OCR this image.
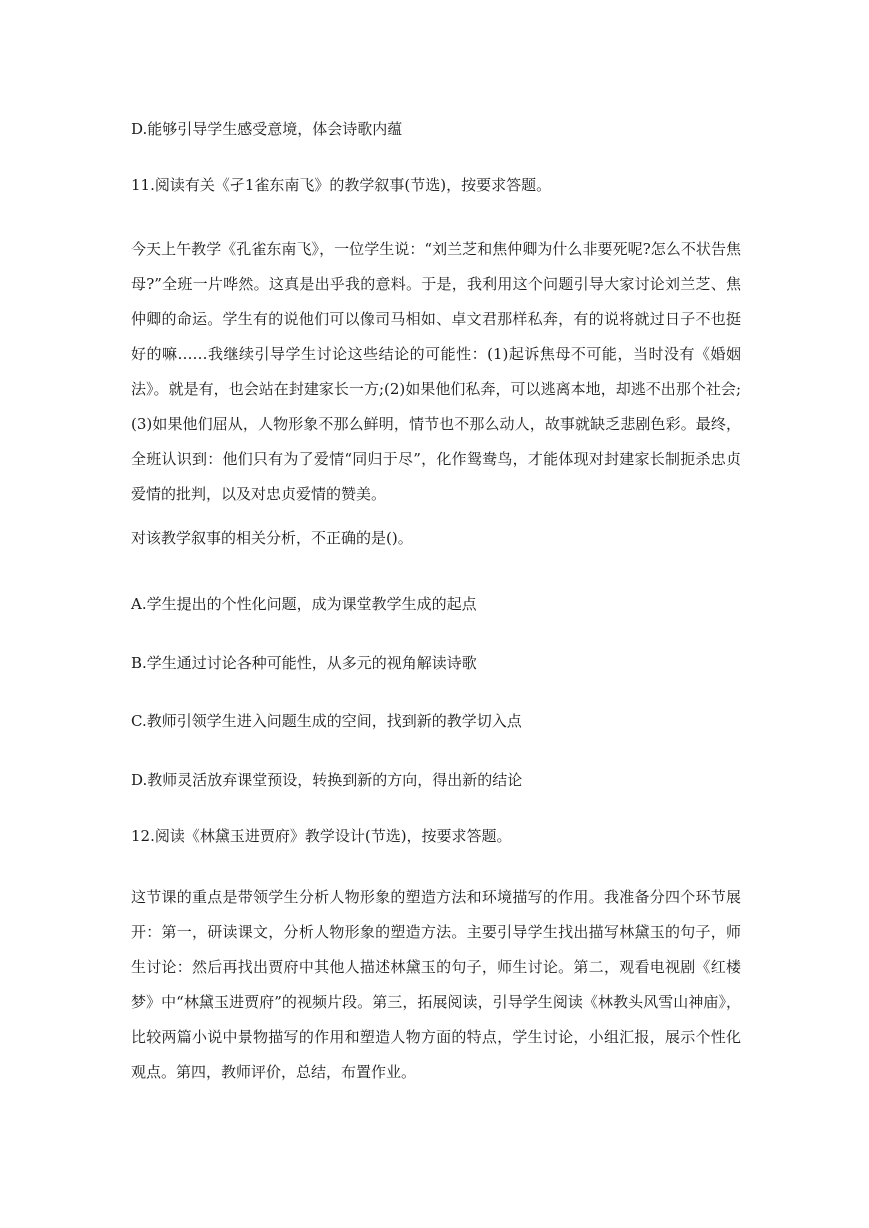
D.能够引导学生感受意境，体会诗歌内蕴
11.阅读有关《孑1雀东南飞》的教学叙事(节选)，按要求答题。
今天上午教学《孔雀东南飞》，一位学生说：“刘兰芝和焦仲卿为什么非要死呢?怎么不状告焦母?”全班一片哗然。这真是出乎我的意料。于是，我利用这个问题引导大家讨论刘兰芝、焦仲卿的命运。学生有的说他们可以像司马相如、卓文君那样私奔，有的说将就过日子不也挺好的嘛……我继续引导学生讨论这些结论的可能性：(1)起诉焦母不可能，当时没有《婚姻法》。就是有，也会站在封建家长一方;(2)如果他们私奔，可以逃离本地，却逃不出那个社会;(3)如果他们屈从，人物形象不那么鲜明，情节也不那么动人，故事就缺乏悲剧色彩。最终，全班认识到：他们只有为了爱情“同归于尽”，化作鸳鸯鸟，才能体现对封建家长制扼杀忠贞爱情的批判，以及对忠贞爱情的赞美。
对该教学叙事的相关分析，不正确的是()。
A.学生提出的个性化问题，成为课堂教学生成的起点
B.学生通过讨论各种可能性，从多元的视角解读诗歌
C.教师引领学生进入问题生成的空间，找到新的教学切入点
D.教师灵活放弃课堂预设，转换到新的方向，得出新的结论
12.阅读《林黛玉进贾府》教学设计(节选)，按要求答题。
这节课的重点是带领学生分析人物形象的塑造方法和环境描写的作用。我准备分四个环节展开：第一，研读课文，分析人物形象的塑造方法。主要引导学生找出描写林黛玉的句子，师生讨论：然后再找出贾府中其他人描述林黛玉的句子，师生讨论。第二，观看电视剧《红楼梦》中“林黛玉进贾府”的视频片段。第三，拓展阅读，引导学生阅读《林教头风雪山神庙》，比较两篇小说中景物描写的作用和塑造人物方面的特点，学生讨论，小组汇报，展示个性化观点。第四，教师评价，总结，布置作业。
